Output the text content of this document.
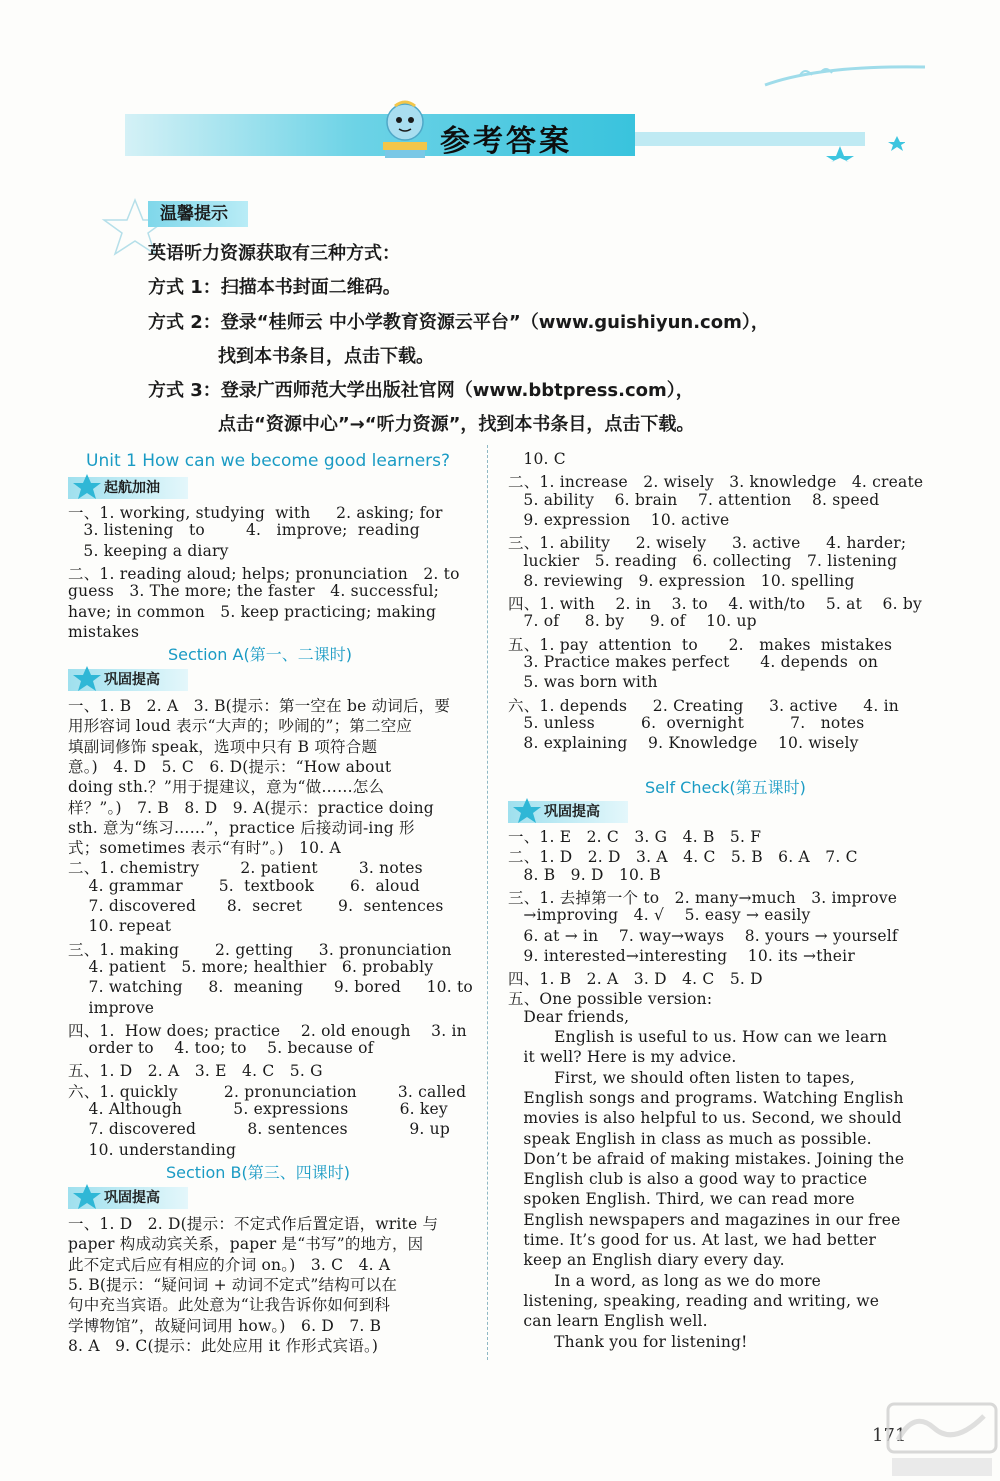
参考答案
温馨提示
英语听力资源获取有三种方式：
方式 1：扫描本书封面二维码。
方式 2：登录“桂师云 中小学教育资源云平台”（www.guishiyun.com），
找到本书条目，点击下载。
方式 3：登录广西师范大学出版社官网（www.bbtpress.com），
点击“资源中心”→“听力资源”，找到本书条目，点击下载。
Unit 1 How can we become good learners?
起航加油
一、1. working, studying  with     2. asking; for
3. listening   to        4.   improve;  reading
5. keeping a diary
二、1. reading aloud; helps; pronunciation   2. to
guess   3. The more; the faster   4. successful;
have; in common   5. keep practicing; making
mistakes
Section A(第一、二课时)
巩固提高
一、1. B   2. A   3. B(提示：第一空在 be 动词后，要
用形容词 loud 表示“大声的；吵闹的”；第二空应
填副词修饰 speak，选项中只有 B 项符合题
意。)   4. D   5. C   6. D(提示：“How about
doing sth.？”用于提建议，意为“做……怎么
样？”。)   7. B   8. D   9. A(提示：practice doing
sth. 意为“练习……”，practice 后接动词-ing 形
式；sometimes 表示“有时”。)   10. A
二、1. chemistry        2. patient        3. notes
4. grammar       5.  textbook       6.  aloud
7. discovered      8.  secret       9.  sentences
10. repeat
三、1. making       2. getting     3. pronunciation
4. patient   5. more; healthier   6. probably
7. watching     8.  meaning      9. bored     10. to
improve
四、1.  How does; practice    2. old enough    3. in
order to    4. too; to    5. because of
五、1. D   2. A   3. E   4. C   5. G
六、1. quickly         2. pronunciation        3. called
4. Although          5. expressions          6. key
7. discovered          8. sentences            9. up
10. understanding
Section B(第三、四课时)
巩固提高
一、1. D   2. D(提示：不定式作后置定语，write 与
paper 构成动宾关系，paper 是“书写”的地方，因
此不定式后应有相应的介词 on。)   3. C   4. A
5. B(提示：“疑问词 + 动词不定式”结构可以在
句中充当宾语。此处意为“让我告诉你如何到科
学博物馆”，故疑问词用 how。)   6. D   7. B
8. A   9. C(提示：此处应用 it 作形式宾语。)
10. C
二、1. increase   2. wisely   3. knowledge   4. create
5. ability    6. brain    7. attention    8. speed
9. expression    10. active
三、1. ability     2. wisely     3. active     4. harder;
luckier   5. reading   6. collecting   7. listening
8. reviewing   9. expression   10. spelling
四、1. with    2. in    3. to    4. with/to    5. at    6. by
7. of     8. by     9. of    10. up
五、1. pay  attention  to      2.   makes  mistakes
3. Practice makes perfect      4. depends  on
5. was born with
六、1. depends     2. Creating     3. active     4. in
5. unless         6.  overnight         7.   notes
8. explaining    9. Knowledge    10. wisely
Self Check(第五课时)
巩固提高
一、1. E   2. C   3. G   4. B   5. F
二、1. D   2. D   3. A   4. C   5. B   6. A   7. C
8. B   9. D   10. B
三、1. 去掉第一个 to   2. many→much   3. improve
→improving   4. √    5. easy → easily
6. at → in    7. way→ways    8. yours → yourself
9. interested→interesting    10. its →their
四、1. B   2. A   3. D   4. C   5. D
五、One possible version:
Dear friends,
English is useful to us. How can we learn
it well? Here is my advice.
First, we should often listen to tapes,
English songs and programs. Watching English
movies is also helpful to us. Second, we should
speak English in class as much as possible.
Don’t be afraid of making mistakes. Joining the
English club is also a good way to practice
spoken English. Third, we can read more
English newspapers and magazines in our free
time. It’s good for us. At last, we had better
keep an English diary every day.
In a word, as long as we do more
listening, speaking, reading and writing, we
can learn English well.
Thank you for listening!
171
